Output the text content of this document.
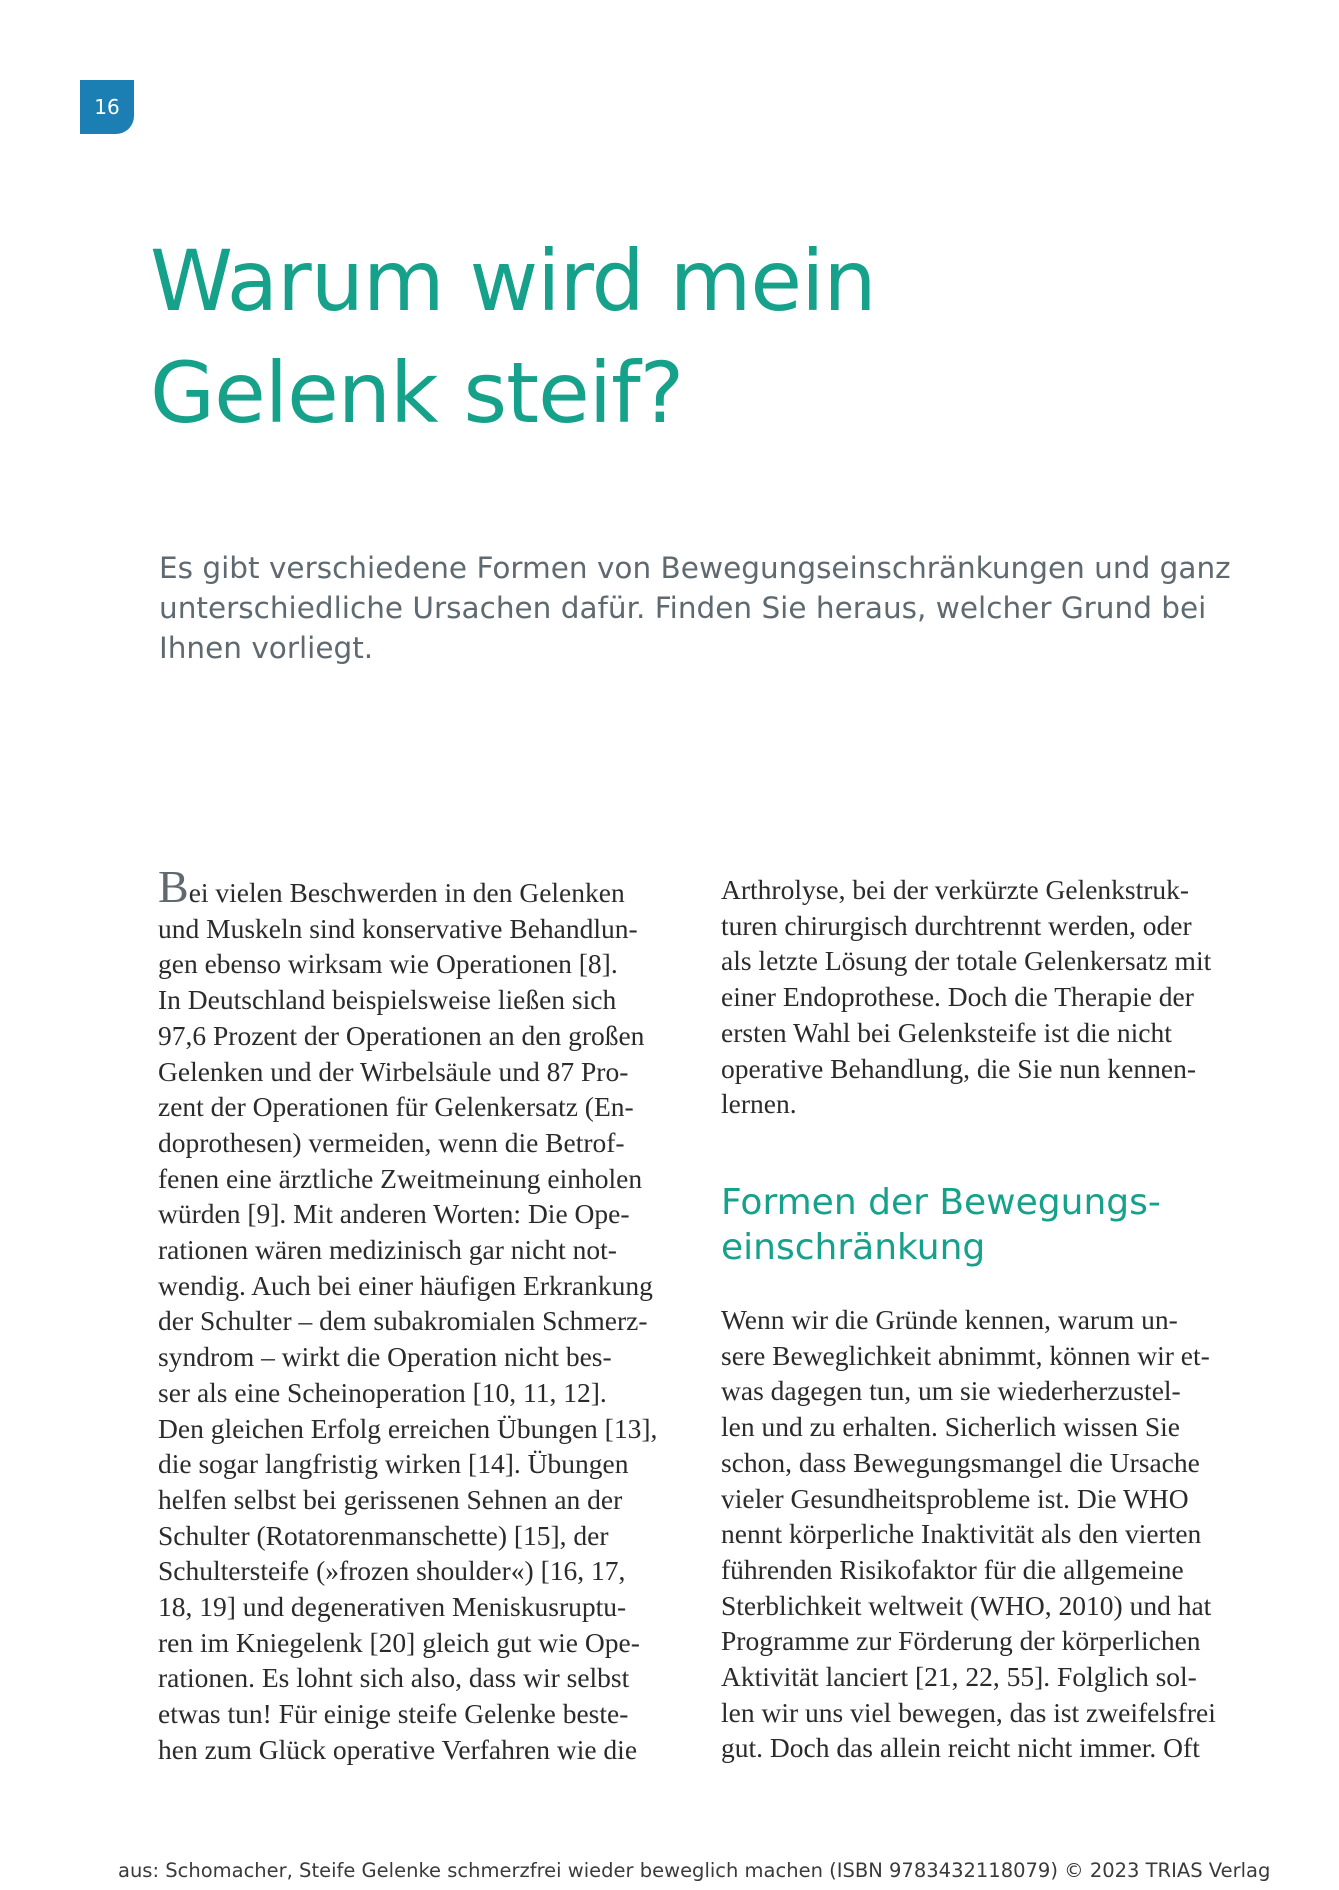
16
Warum wird mein
Gelenk steif?

Es gibt verschiedene Formen von Bewegungseinschränkungen und ganz
unterschiedliche Ursachen dafür. Finden Sie heraus, welcher Grund bei
Ihnen vorliegt.

Bei vielen Beschwerden in den Gelenken
und Muskeln sind konservative Behandlun-
gen ebenso wirksam wie Operationen [8].
In Deutschland beispielsweise ließen sich
97,6 Prozent der Operationen an den großen
Gelenken und der Wirbelsäule und 87 Pro-
zent der Operationen für Gelenkersatz (En-
doprothesen) vermeiden, wenn die Betrof-
fenen eine ärztliche Zweitmeinung einholen
würden [9]. Mit anderen Worten: Die Ope-
rationen wären medizinisch gar nicht not-
wendig. Auch bei einer häufigen Erkrankung
der Schulter – dem subakromialen Schmerz-
syndrom – wirkt die Operation nicht bes-
ser als eine Scheinoperation [10, 11, 12].
Den gleichen Erfolg erreichen Übungen [13],
die sogar langfristig wirken [14]. Übungen
helfen selbst bei gerissenen Sehnen an der
Schulter (Rotatorenmanschette) [15], der
Schultersteife (»frozen shoulder«) [16, 17,
18, 19] und degenerativen Meniskusruptu-
ren im Kniegelenk [20] gleich gut wie Ope-
rationen. Es lohnt sich also, dass wir selbst
etwas tun! Für einige steife Gelenke beste-
hen zum Glück operative Verfahren wie die
Arthrolyse, bei der verkürzte Gelenkstruk-
turen chirurgisch durchtrennt werden, oder
als letzte Lösung der totale Gelenkersatz mit
einer Endoprothese. Doch die Therapie der
ersten Wahl bei Gelenksteife ist die nicht
operative Behandlung, die Sie nun kennen-
lernen.
Formen der Bewegungs-
einschränkung
Wenn wir die Gründe kennen, warum un-
sere Beweglichkeit abnimmt, können wir et-
was dagegen tun, um sie wiederherzustel-
len und zu erhalten. Sicherlich wissen Sie
schon, dass Bewegungsmangel die Ursache
vieler Gesundheitsprobleme ist. Die WHO
nennt körperliche Inaktivität als den vierten
führenden Risikofaktor für die allgemeine
Sterblichkeit weltweit (WHO, 2010) und hat
Programme zur Förderung der körperlichen
Aktivität lanciert [21, 22, 55]. Folglich sol-
len wir uns viel bewegen, das ist zweifelsfrei
gut. Doch das allein reicht nicht immer. Oft
aus: Schomacher, Steife Gelenke schmerzfrei wieder beweglich machen (ISBN 9783432118079) © 2023 TRIAS Verlag
